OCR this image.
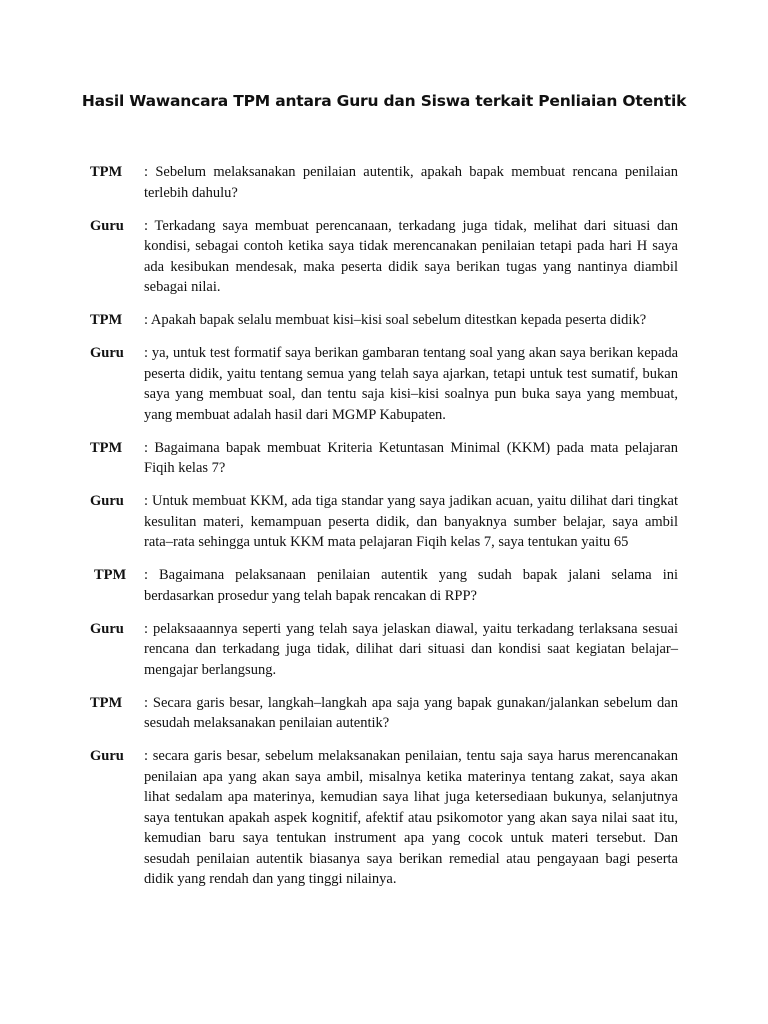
Hasil Wawancara TPM antara Guru dan Siswa terkait Penliaian Otentik
TPM	: Sebelum melaksanakan penilaian autentik, apakah bapak membuat rencana penilaian terlebih dahulu?

Guru	: Terkadang saya membuat perencanaan, terkadang juga tidak, melihat dari situasi dan kondisi, sebagai contoh ketika saya tidak merencanakan penilaian tetapi pada hari H saya ada kesibukan mendesak, maka peserta didik saya berikan tugas yang nantinya diambil sebagai nilai.

TPM	: Apakah bapak selalu membuat kisi–kisi soal sebelum ditestkan kepada peserta didik?

Guru	: ya, untuk test formatif saya berikan gambaran tentang soal yang akan saya berikan kepada peserta didik, yaitu tentang semua yang telah saya ajarkan, tetapi untuk test sumatif, bukan saya yang membuat soal, dan tentu saja kisi–kisi soalnya pun buka saya yang membuat, yang membuat adalah hasil dari MGMP Kabupaten.

TPM	: Bagaimana bapak membuat Kriteria Ketuntasan Minimal (KKM) pada mata pelajaran Fiqih kelas 7?

Guru	: Untuk membuat KKM, ada tiga standar yang saya jadikan acuan, yaitu dilihat dari tingkat kesulitan materi, kemampuan peserta didik, dan banyaknya sumber belajar, saya ambil rata–rata sehingga untuk KKM mata pelajaran Fiqih kelas 7, saya tentukan yaitu 65

TPM	: Bagaimana pelaksanaan penilaian autentik yang sudah bapak jalani selama ini berdasarkan prosedur yang telah bapak rencakan di RPP?

Guru	: pelaksaaannya seperti yang telah saya jelaskan diawal, yaitu terkadang terlaksana sesuai rencana dan terkadang juga tidak, dilihat dari situasi dan kondisi saat kegiatan belajar– mengajar berlangsung.

TPM	: Secara garis besar, langkah–langkah apa saja yang bapak gunakan/jalankan sebelum dan sesudah melaksanakan penilaian autentik?

Guru	: secara garis besar, sebelum melaksanakan penilaian, tentu saja saya harus merencanakan penilaian apa yang akan saya ambil, misalnya ketika materinya tentang zakat, saya akan lihat sedalam apa materinya, kemudian saya lihat juga ketersediaan bukunya, selanjutnya saya tentukan apakah aspek kognitif, afektif atau psikomotor yang akan saya nilai saat itu, kemudian baru saya tentukan instrument apa yang cocok untuk materi tersebut. Dan sesudah penilaian autentik biasanya saya berikan remedial atau pengayaan bagi peserta didik yang rendah dan yang tinggi nilainya.
